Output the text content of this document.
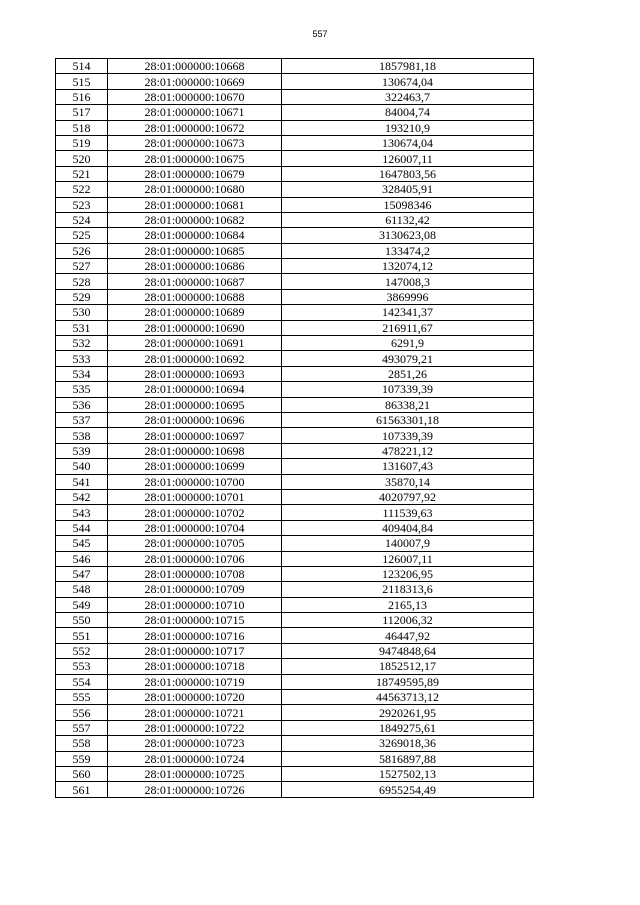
557
514	28:01:000000:10668	1857981,18
515	28:01:000000:10669	130674,04
516	28:01:000000:10670	322463,7
517	28:01:000000:10671	84004,74
518	28:01:000000:10672	193210,9
519	28:01:000000:10673	130674,04
520	28:01:000000:10675	126007,11
521	28:01:000000:10679	1647803,56
522	28:01:000000:10680	328405,91
523	28:01:000000:10681	15098346
524	28:01:000000:10682	61132,42
525	28:01:000000:10684	3130623,08
526	28:01:000000:10685	133474,2
527	28:01:000000:10686	132074,12
528	28:01:000000:10687	147008,3
529	28:01:000000:10688	3869996
530	28:01:000000:10689	142341,37
531	28:01:000000:10690	216911,67
532	28:01:000000:10691	6291,9
533	28:01:000000:10692	493079,21
534	28:01:000000:10693	2851,26
535	28:01:000000:10694	107339,39
536	28:01:000000:10695	86338,21
537	28:01:000000:10696	61563301,18
538	28:01:000000:10697	107339,39
539	28:01:000000:10698	478221,12
540	28:01:000000:10699	131607,43
541	28:01:000000:10700	35870,14
542	28:01:000000:10701	4020797,92
543	28:01:000000:10702	111539,63
544	28:01:000000:10704	409404,84
545	28:01:000000:10705	140007,9
546	28:01:000000:10706	126007,11
547	28:01:000000:10708	123206,95
548	28:01:000000:10709	2118313,6
549	28:01:000000:10710	2165,13
550	28:01:000000:10715	112006,32
551	28:01:000000:10716	46447,92
552	28:01:000000:10717	9474848,64
553	28:01:000000:10718	1852512,17
554	28:01:000000:10719	18749595,89
555	28:01:000000:10720	44563713,12
556	28:01:000000:10721	2920261,95
557	28:01:000000:10722	1849275,61
558	28:01:000000:10723	3269018,36
559	28:01:000000:10724	5816897,88
560	28:01:000000:10725	1527502,13
561	28:01:000000:10726	6955254,49
